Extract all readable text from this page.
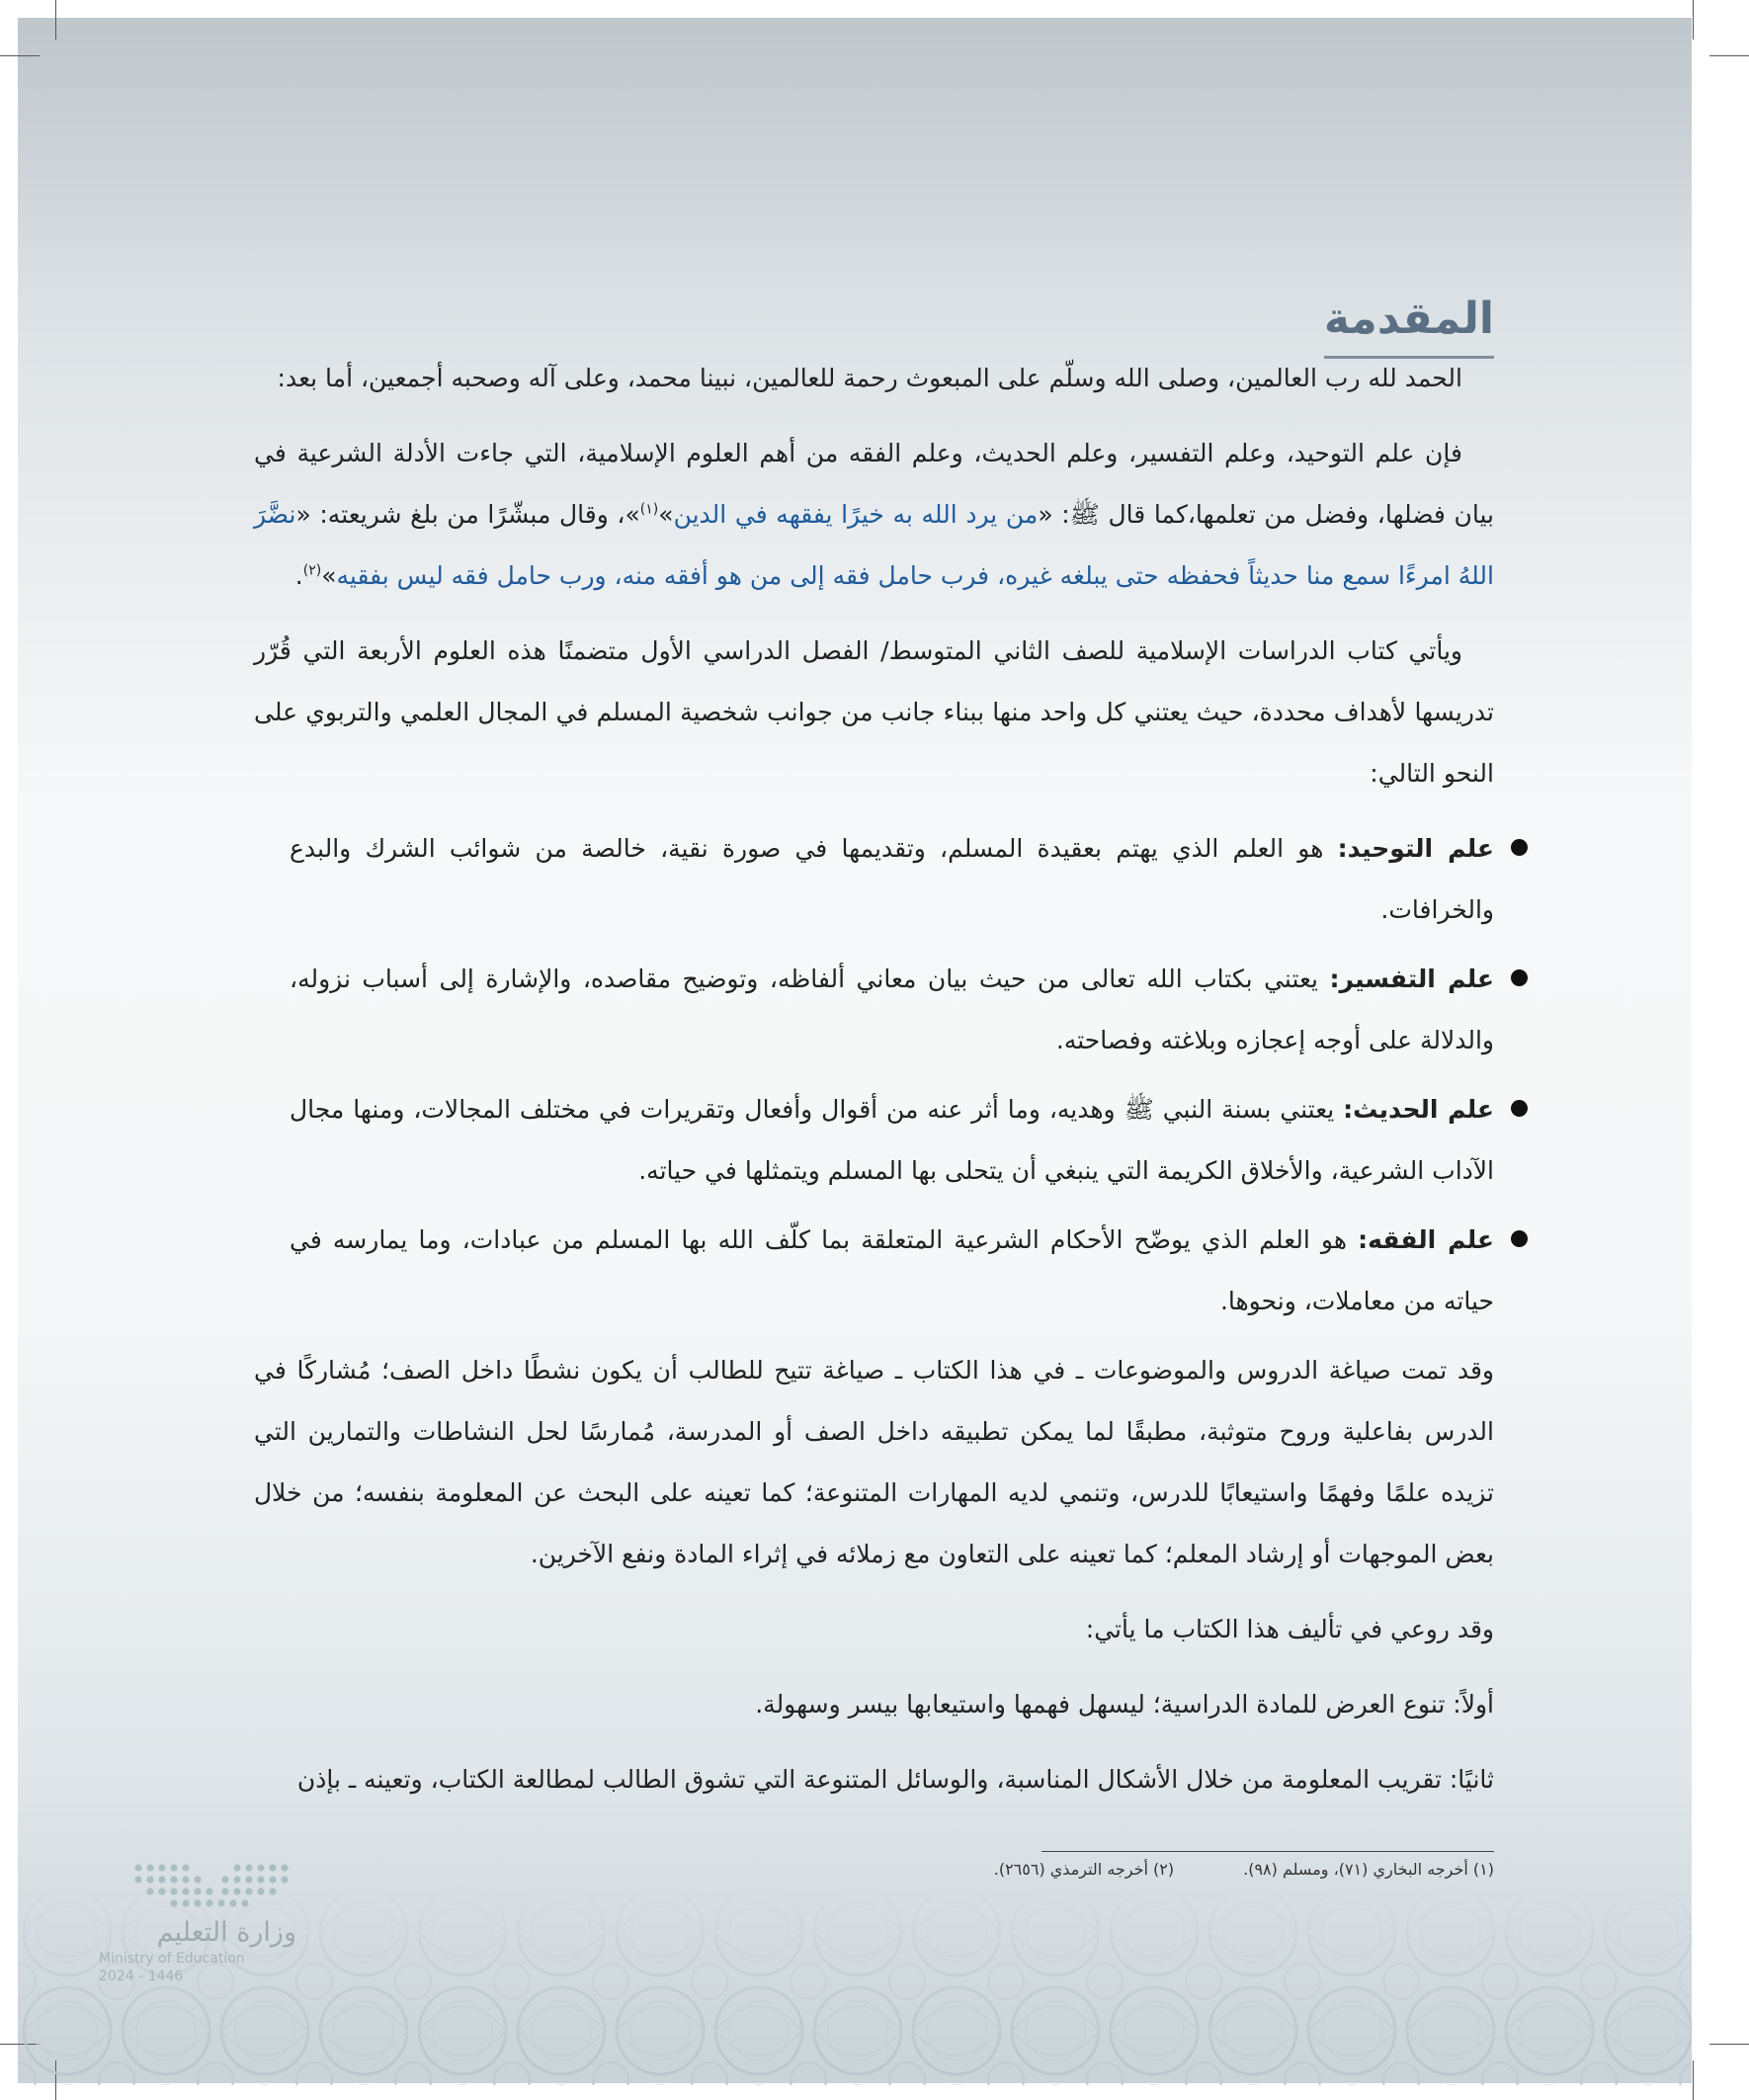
المقدمة

الحمد لله رب العالمين، وصلى الله وسلّم على المبعوث رحمة للعالمين، نبينا محمد، وعلى آله وصحبه أجمعين، أما بعد:

فإن علم التوحيد، وعلم التفسير، وعلم الحديث، وعلم الفقه من أهم العلوم الإسلامية، التي جاءت الأدلة الشرعية في بيان فضلها، وفضل من تعلمها،كما قال ﷺ: «من يرد الله به خيرًا يفقهه في الدين»$^{(١)}$»، وقال مبشّرًا من بلغ شريعته: «نضَّرَ اللهُ امرءًا سمع منا حديثاً فحفظه حتى يبلغه غيره، فرب حامل فقه إلى من هو أفقه منه، ورب حامل فقه ليس بفقيه»$^{(٢)}$.

ويأتي كتاب الدراسات الإسلامية للصف الثاني المتوسط/ الفصل الدراسي الأول متضمنًا هذه العلوم الأربعة التي قُرّر تدريسها لأهداف محددة، حيث يعتني كل واحد منها ببناء جانب من جوانب شخصية المسلم في المجال العلمي والتربوي على النحو التالي:

علم التوحيد: هو العلم الذي يهتم بعقيدة المسلم، وتقديمها في صورة نقية، خالصة من شوائب الشرك والبدع والخرافات.
علم التفسير: يعتني بكتاب الله تعالى من حيث بيان معاني ألفاظه، وتوضيح مقاصده، والإشارة إلى أسباب نزوله، والدلالة على أوجه إعجازه وبلاغته وفصاحته.
علم الحديث: يعتني بسنة النبي ﷺ وهديه، وما أثر عنه من أقوال وأفعال وتقريرات في مختلف المجالات، ومنها مجال الآداب الشرعية، والأخلاق الكريمة التي ينبغي أن يتحلى بها المسلم ويتمثلها في حياته.
علم الفقه: هو العلم الذي يوضّح الأحكام الشرعية المتعلقة بما كلّف الله بها المسلم من عبادات، وما يمارسه في حياته من معاملات، ونحوها.

وقد تمت صياغة الدروس والموضوعات ـ في هذا الكتاب ـ صياغة تتيح للطالب أن يكون نشطًا داخل الصف؛ مُشاركًا في الدرس بفاعلية وروح متوثبة، مطبقًا لما يمكن تطبيقه داخل الصف أو المدرسة، مُمارسًا لحل النشاطات والتمارين التي تزيده علمًا وفهمًا واستيعابًا للدرس، وتنمي لديه المهارات المتنوعة؛ كما تعينه على البحث عن المعلومة بنفسه؛ من خلال بعض الموجهات أو إرشاد المعلم؛ كما تعينه على التعاون مع زملائه في إثراء المادة ونفع الآخرين.

وقد روعي في تأليف هذا الكتاب ما يأتي:

أولاً: تنوع العرض للمادة الدراسية؛ ليسهل فهمها واستيعابها بيسر وسهولة.

ثانيًا: تقريب المعلومة من خلال الأشكال المناسبة، والوسائل المتنوعة التي تشوق الطالب لمطالعة الكتاب، وتعينه ـ بإذن

(١) أخرجه البخاري (٧١)، ومسلم (٩٨).
(٢) أخرجه الترمذي (٢٦٥٦).
وزارة التعليم
Ministry of Education
2024 - 1446
